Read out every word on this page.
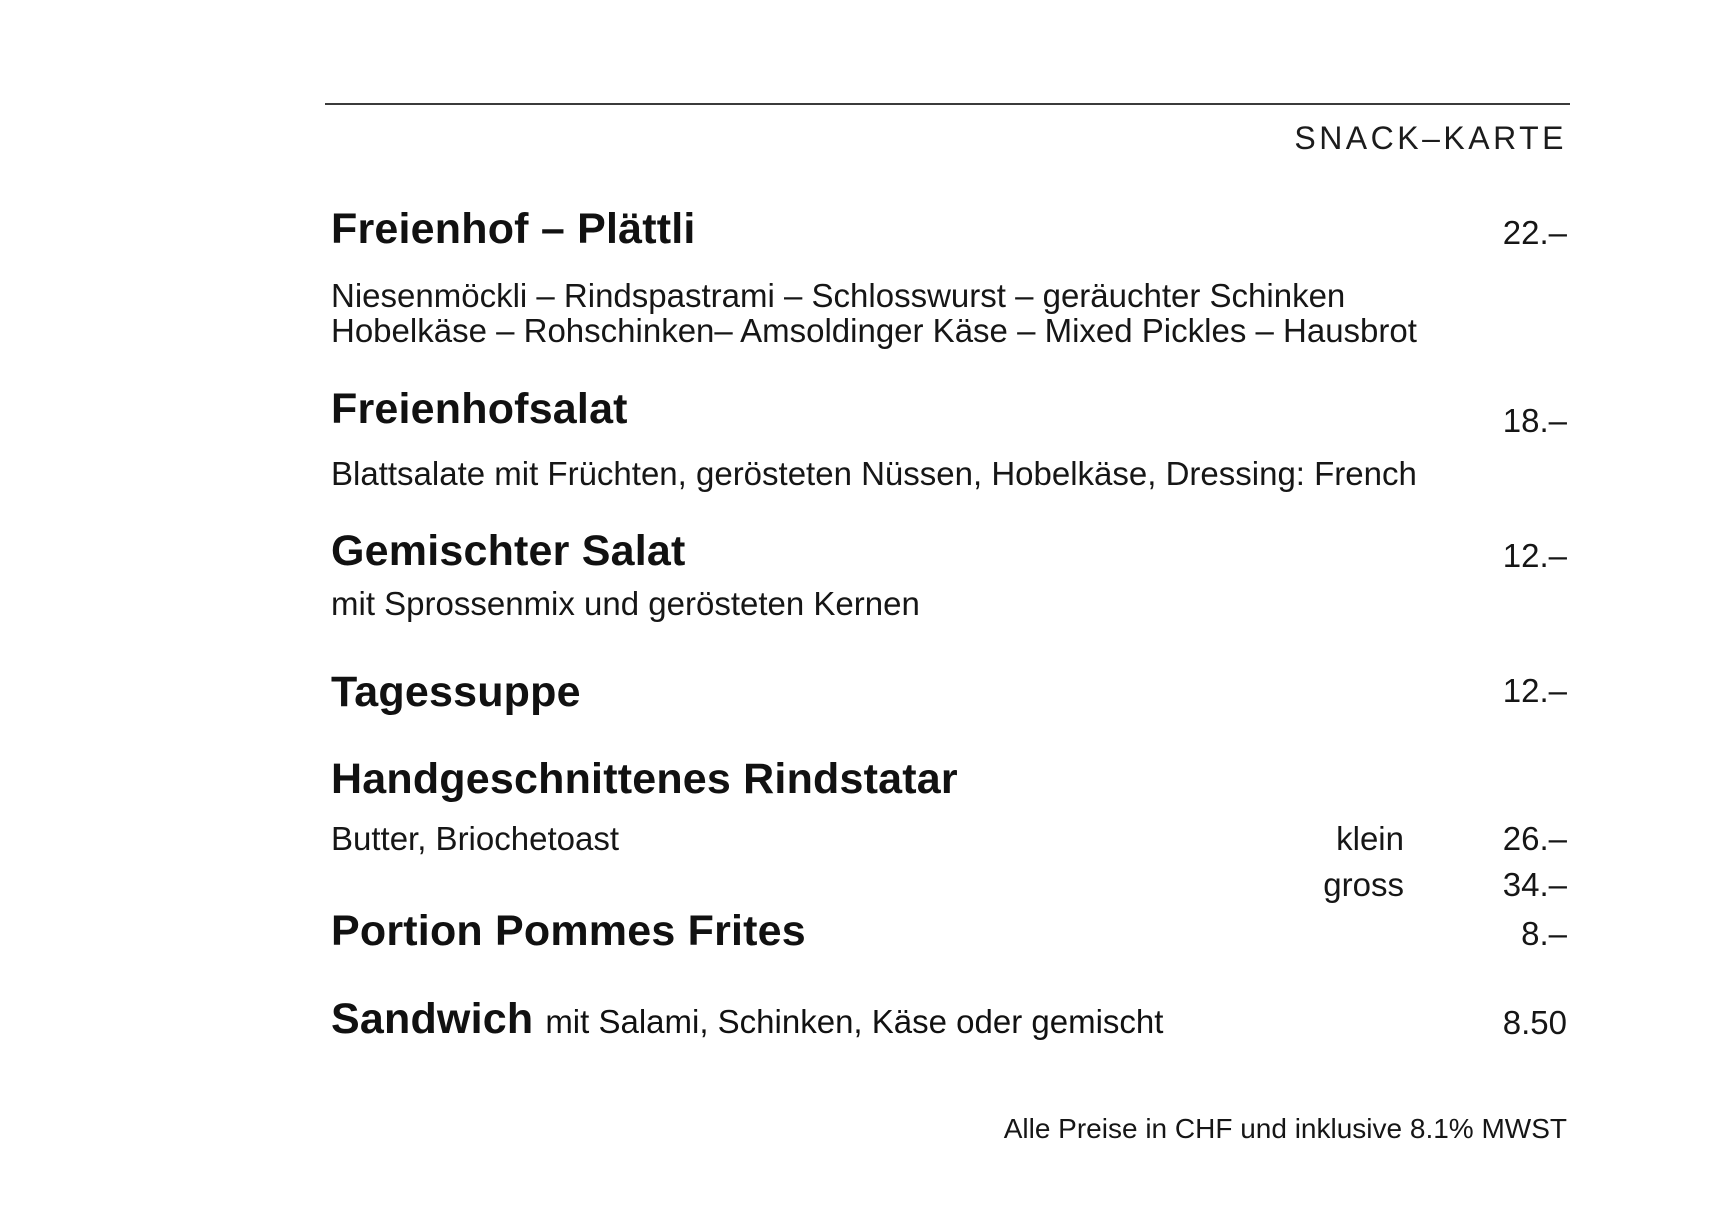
SNACK–KARTE
Freienhof – Plättli	22.–
Niesenmöckli – Rindspastrami – Schlosswurst – geräuchter Schinken
Hobelkäse – Rohschinken– Amsoldinger Käse – Mixed Pickles – Hausbrot
Freienhofsalat	18.–
Blattsalate mit Früchten, gerösteten Nüssen, Hobelkäse, Dressing: French
Gemischter Salat	12.–
mit Sprossenmix und gerösteten Kernen
Tagessuppe	12.–
Handgeschnittenes Rindstatar
Butter, Briochetoast	klein	26.–
gross	34.–
Portion Pommes Frites	8.–
Sandwich mit Salami, Schinken, Käse oder gemischt	8.50
Alle Preise in CHF und inklusive 8.1% MWST
